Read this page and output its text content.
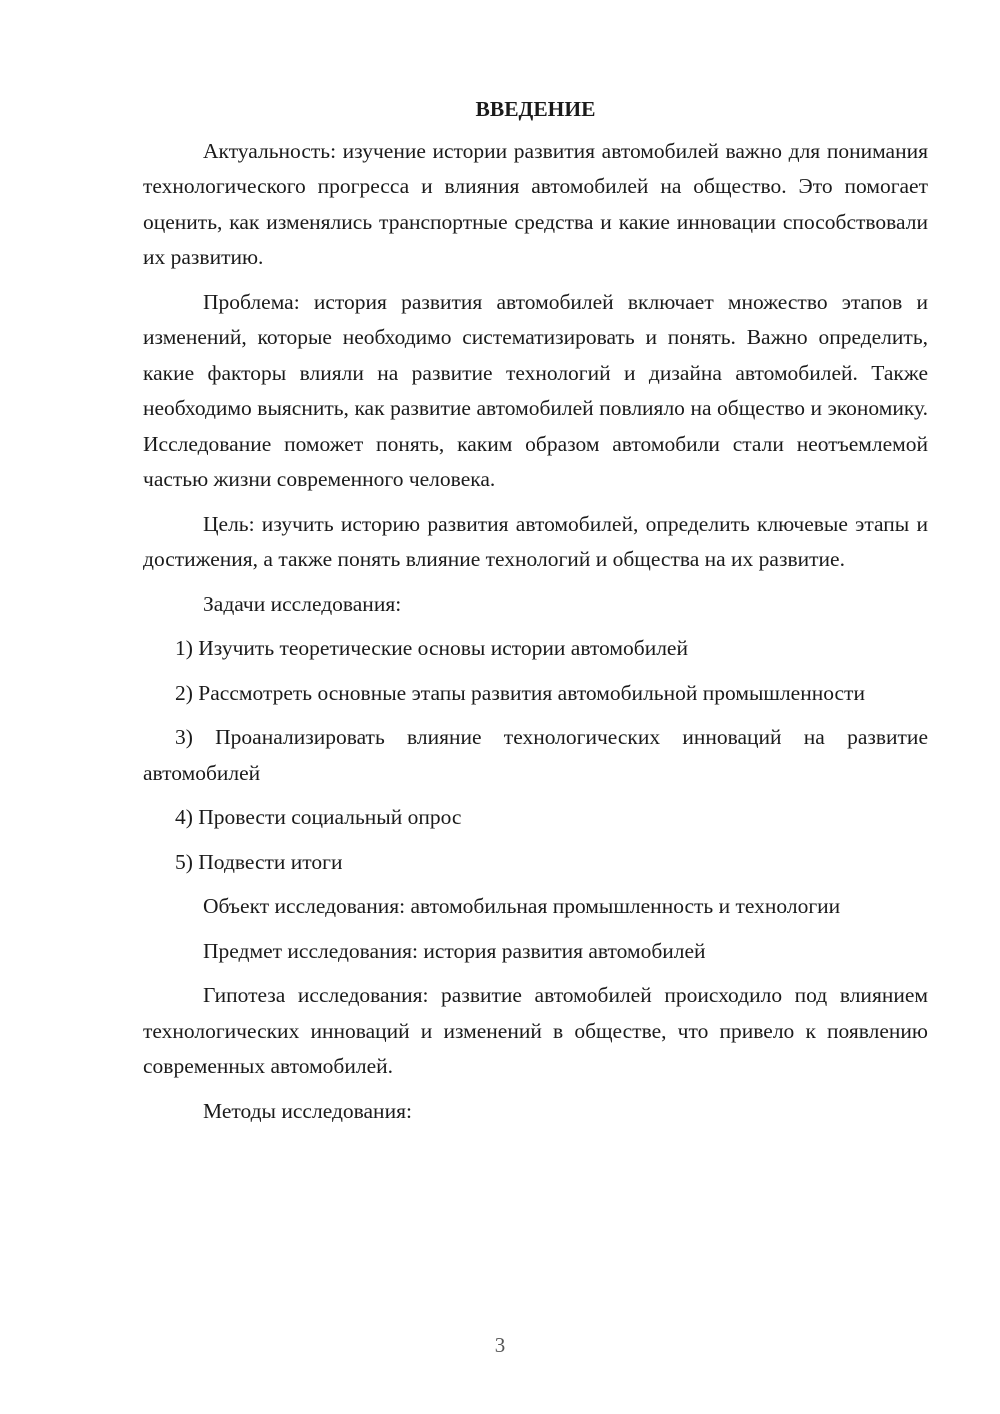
ВВЕДЕНИЕ

Актуальность: изучение истории развития автомобилей важно для понимания технологического прогресса и влияния автомобилей на общество. Это помогает оценить, как изменялись транспортные средства и какие инновации способствовали их развитию.

Проблема: история развития автомобилей включает множество этапов и изменений, которые необходимо систематизировать и понять. Важно определить, какие факторы влияли на развитие технологий и дизайна автомобилей. Также необходимо выяснить, как развитие автомобилей повлияло на общество и экономику. Исследование поможет понять, каким образом автомобили стали неотъемлемой частью жизни современного человека.

Цель: изучить историю развития автомобилей, определить ключевые этапы и достижения, а также понять влияние технологий и общества на их развитие.

Задачи исследования:

1) Изучить теоретические основы истории автомобилей

2) Рассмотреть основные этапы развития автомобильной промышленности

3) Проанализировать влияние технологических инноваций на развитие автомобилей

4) Провести социальный опрос

5) Подвести итоги

Объект исследования: автомобильная промышленность и технологии

Предмет исследования: история развития автомобилей

Гипотеза исследования: развитие автомобилей происходило под влиянием технологических инноваций и изменений в обществе, что привело к появлению современных автомобилей.

Методы исследования:

3
